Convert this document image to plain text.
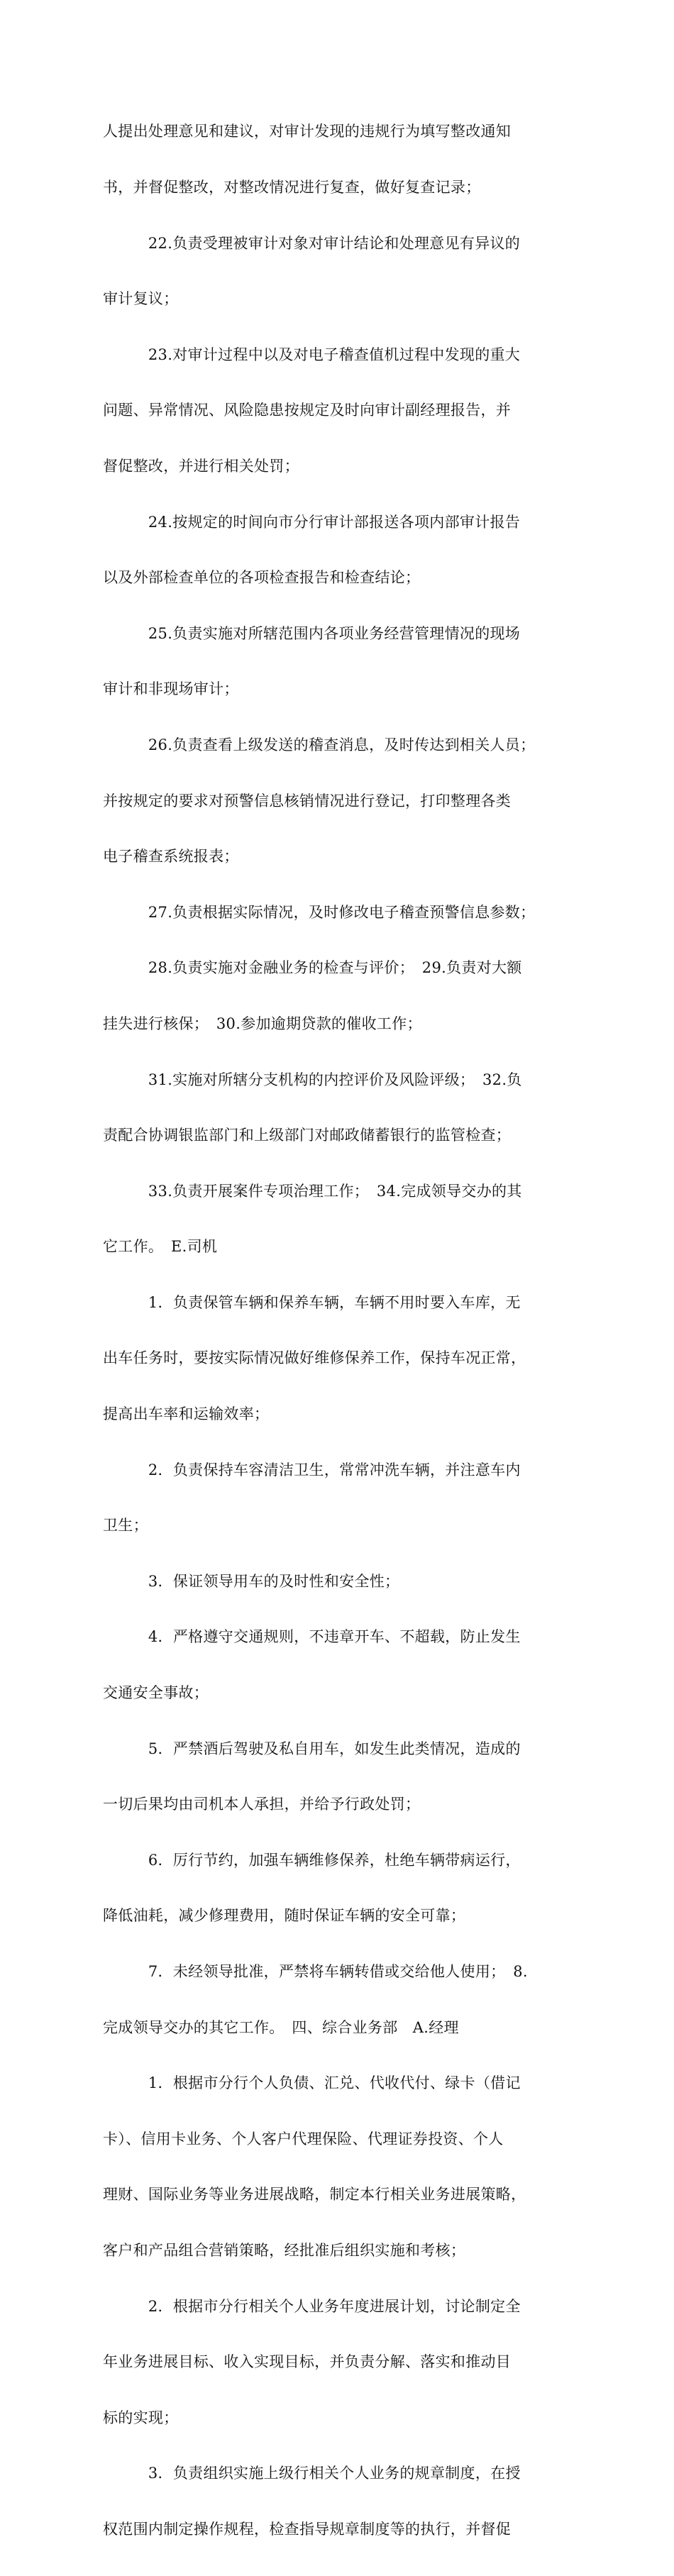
人提出处理意见和建议，对审计发现的违规行为填写整改通知

书，并督促整改，对整改情况进行复查，做好复查记录；

　　　22.负责受理被审计对象对审计结论和处理意见有异议的

审计复议；

　　　23.对审计过程中以及对电子稽查值机过程中发现的重大

问题、异常情况、风险隐患按规定及时向审计副经理报告，并

督促整改，并进行相关处罚；

　　　24.按规定的时间向市分行审计部报送各项内部审计报告

以及外部检查单位的各项检查报告和检查结论；

　　　25.负责实施对所辖范围内各项业务经营管理情况的现场

审计和非现场审计；

　　　26.负责查看上级发送的稽查消息，及时传达到相关人员；

并按规定的要求对预警信息核销情况进行登记，打印整理各类

电子稽查系统报表；

　　　27.负责根据实际情况，及时修改电子稽查预警信息参数；

　　　28.负责实施对金融业务的检查与评价；　29.负责对大额

挂失进行核保；　30.参加逾期贷款的催收工作；

　　　31.实施对所辖分支机构的内控评价及风险评级；　32.负

责配合协调银监部门和上级部门对邮政储蓄银行的监管检查；

　　　33.负责开展案件专项治理工作；　34.完成领导交办的其

它工作。　E.司机

　　　1．负责保管车辆和保养车辆，车辆不用时要入车库，无

出车任务时，要按实际情况做好维修保养工作，保持车况正常，

提高出车率和运输效率；

　　　2．负责保持车容清洁卫生，常常冲洗车辆，并注意车内

卫生；

　　　3．保证领导用车的及时性和安全性；

　　　4．严格遵守交通规则，不违章开车、不超载，防止发生

交通安全事故；

　　　5．严禁酒后驾驶及私自用车，如发生此类情况，造成的

一切后果均由司机本人承担，并给予行政处罚；

　　　6．厉行节约，加强车辆维修保养，杜绝车辆带病运行，

降低油耗，减少修理费用，随时保证车辆的安全可靠；

　　　7．未经领导批准，严禁将车辆转借或交给他人使用；　8.

完成领导交办的其它工作。　四、综合业务部　A.经理

　　　1．根据市分行个人负债、汇兑、代收代付、绿卡（借记

卡）、信用卡业务、个人客户代理保险、代理证券投资、个人

理财、国际业务等业务进展战略，制定本行相关业务进展策略，

客户和产品组合营销策略，经批准后组织实施和考核；

　　　2．根据市分行相关个人业务年度进展计划，讨论制定全

年业务进展目标、收入实现目标，并负责分解、落实和推动目

标的实现；

　　　3．负责组织实施上级行相关个人业务的规章制度，在授

权范围内制定操作规程，检查指导规章制度等的执行，并督促
